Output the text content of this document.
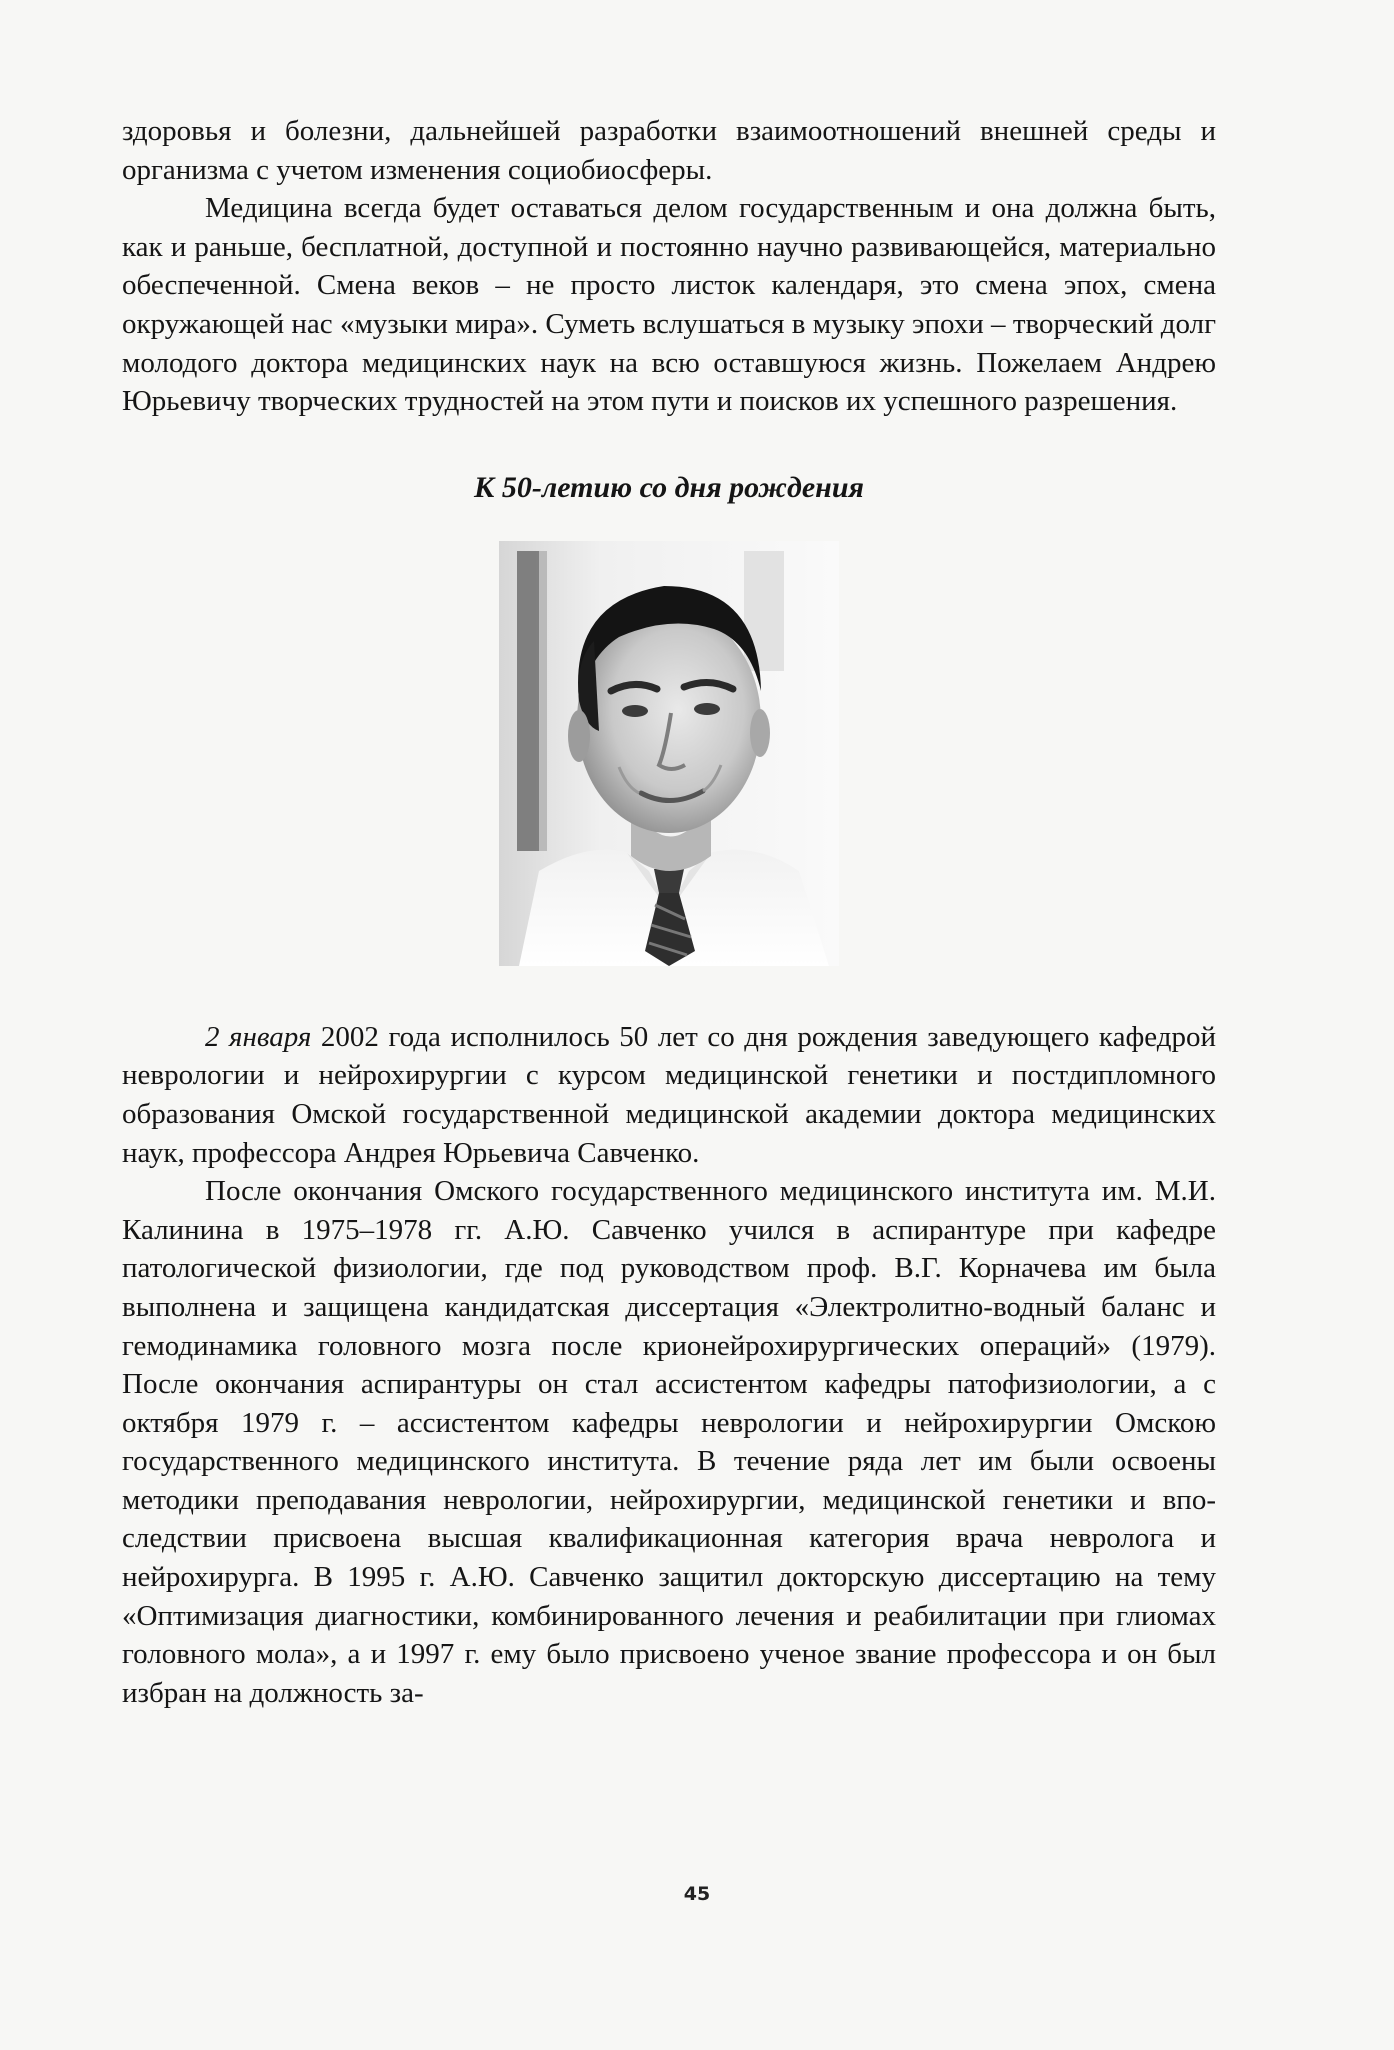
здоровья и болезни, дальнейшей разработки взаимоотношений внешней среды и организма с учетом изменения социобиосферы.

Медицина всегда будет оставаться делом государственным и она должна быть, как и раньше, бесплатной, доступной и постоянно научно развивающейся, материально обеспеченной. Смена веков – не просто листок календаря, это смена эпох, смена окружающей нас «музыки мира». Суметь вслушаться в музыку эпохи – творческий долг молодого доктора медицинских наук на всю оставшуюся жизнь. Пожелаем Андрею Юрьевичу творческих трудностей на этом пути и поисков их успешного разрешения.

К 50-летию со дня рождения

2 января 2002 года исполнилось 50 лет со дня рождения заведующего кафедрой неврологии и нейрохирургии с курсом медицинской генетики и постдипломного образования Омской государственной медицинской академии доктора медицинских наук, профессора Андрея Юрьевича Савченко.

После окончания Омского государственного медицинского института им. М.И. Калинина в 1975–1978 гг. А.Ю. Савченко учился в аспирантуре при кафедре патологической физиологии, где под руководством проф. В.Г. Корначева им была выполнена и защищена кандидатская диссертация «Электролитно-водный баланс и гемодинамика головного мозга после крионейрохирургических операций» (1979). После окончания аспирантуры он стал ассистентом кафедры патофизиологии, а с октября 1979 г. – ассистентом кафедры неврологии и нейрохирургии Омскою государственного медицинского института. В течение ряда лет им были освоены методики преподавания неврологии, нейрохирургии, медицинской генетики и впоследствии присвоена высшая квалификационная категория врача невролога и нейрохирурга. В 1995 г. А.Ю. Савченко защитил докторскую диссертацию на тему «Оптимизация диагностики, комбинированного лечения и реабилитации при глиомах головного мола», а и 1997 г. ему было присвоено ученое звание профессора и он был избран на должность за-

45
